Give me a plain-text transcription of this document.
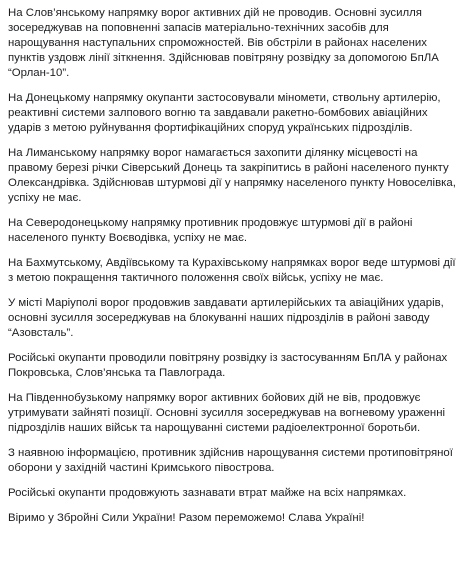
На Слов’янському напрямку ворог активних дій не проводив. Основні зусилля зосереджував на поповненні запасів матеріально-технічних засобів для нарощування наступальних спроможностей. Вів обстріли в районах населених пунктів уздовж лінії зіткнення. Здійснював повітряну розвідку за допомогою БпЛА “Орлан-10”.

На Донецькому напрямку окупанти застосовували міномети, ствольну артилерію, реактивні системи залпового вогню та завдавали ракетно-бомбових авіаційних ударів з метою руйнування фортифікаційних споруд українських підрозділів.

На Лиманському напрямку ворог намагається захопити ділянку місцевості на правому березі річки Сіверський Донець та закріпитись в районі населеного пункту Олександрівка. Здійснював штурмові дії у напрямку населеного пункту Новоселівка, успіху не має.

На Северодонецькому напрямку противник продовжує штурмові дії в районі населеного пункту Воєводівка, успіху не має.

На Бахмутському, Авдіївському та Курахівському напрямках ворог веде штурмові дії з метою покращення тактичного положення своїх військ, успіху не має.

У місті Маріуполі ворог продовжив завдавати артилерійських та авіаційних ударів, основні зусилля зосереджував на блокуванні наших підрозділів в районі заводу “Азовсталь”.

Російські окупанти проводили повітряну розвідку із застосуванням БпЛА у районах Покровська, Слов’янська та Павлограда.

На Південнобузькому напрямку ворог активних бойових дій не вів, продовжує утримувати зайняті позиції. Основні зусилля зосереджував на вогневому ураженні підрозділів наших військ та нарощуванні системи радіоелектронної боротьби.

З наявною інформацією, противник здійснив нарощування системи протиповітряної оборони у західній частині Кримського півострова.

Російські окупанти продовжують зазнавати втрат майже на всіх напрямках.

Віримо у Збройні Сили України! Разом переможемо! Слава Україні!
